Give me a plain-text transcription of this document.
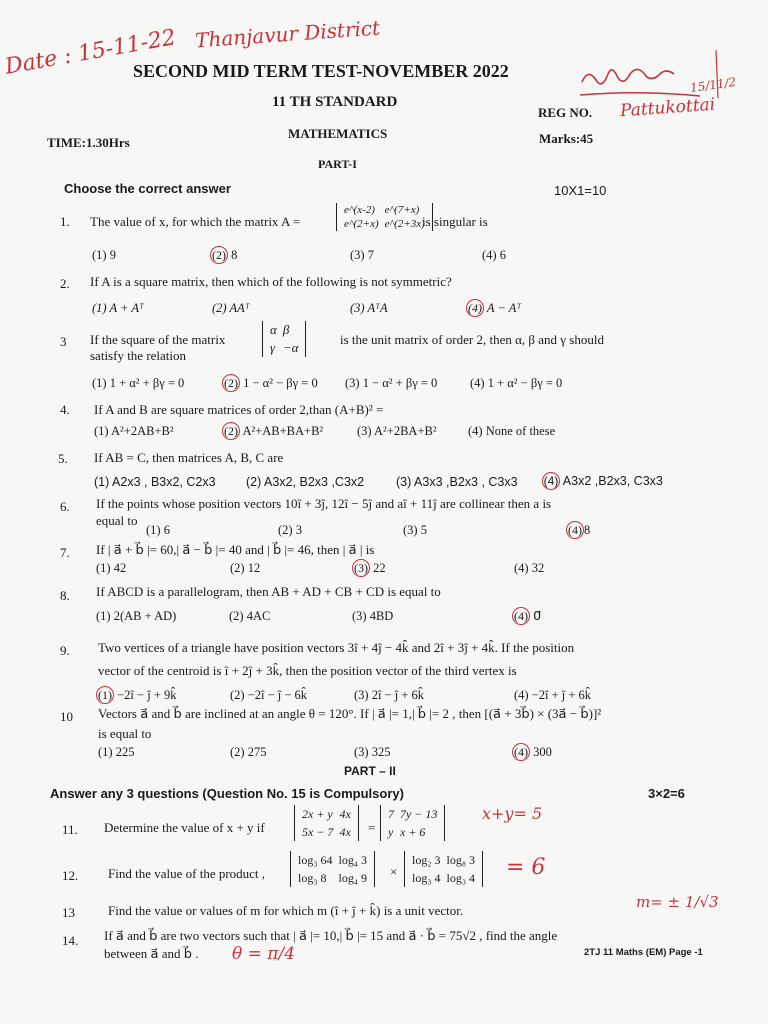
Date : 15-11-22 Thanjavur District
15/11/2
SECOND MID TERM TEST-NOVEMBER 2022
11 TH STANDARD
REG NO. Pattukottai
TIME:1.30Hrs
MATHEMATICS	Marks:45
PART-I
Choose the correct answer	10X1=10
1. The value of x, for which the matrix A =
e^(x-2)	e^(7+x)
e^(2+x)	e^(2+3x)
is singular is
(1) 9	(2) 8	(3) 7	(4) 6
2. If A is a square matrix, then which of the following is not symmetric?
(1) A + Aᵀ	(2) AAᵀ	(3) AᵀA	(4) A − Aᵀ
3 If the square of the matrix
α	β
γ	−α
is the unit matrix of order 2, then α, β and γ should
satisfy the relation
(1) 1 + α² + βγ = 0	(2) 1 − α² − βγ = 0 (3) 1 − α² + βγ = 0	(4) 1 + α² − βγ = 0
4. If A and B are square matrices of order 2,than (A+B)² =
(1) A²+2AB+B²	(2) A²+AB+BA+B²	(3) A²+2BA+B²	(4) None of these
5. If AB = C, then matrices A, B, C are
(1) A2x3 , B3x2, C2x3 (2) A3x2, B2x3 ,C3x2	(3) A3x3 ,B2x3 , C3x3 (4) A3x2 ,B2x3, C3x3
6. If the points whose position vectors 10î + 3ĵ, 12î − 5ĵ and aî + 11ĵ are collinear then a is
equal to
(1) 6	(2) 3	(3) 5	(4) 8
7. If | a⃗ + b⃗ |= 60,| a⃗ − b⃗ |= 40 and | b⃗ |= 46, then | a⃗ | is
(1) 42	(2) 12	(3) 22	(4) 32
8. If ABCD is a parallelogram, then AB + AD + CB + CD is equal to
(1) 2(AB + AD)	(2) 4AC	(3) 4BD	(4) 0⃗
9. Two vertices of a triangle have position vectors 3î + 4ĵ − 4k̂ and 2î + 3ĵ + 4k̂. If the position
vector of the centroid is î + 2ĵ + 3k̂, then the position vector of the third vertex is
(1) −2î − ĵ + 9k̂	(2) −2î − ĵ − 6k̂	(3) 2î − ĵ + 6k̂	(4) −2î + ĵ + 6k̂
10 Vectors a⃗ and b⃗ are inclined at an angle θ = 120°. If | a⃗ |= 1,| b⃗ |= 2 , then [(a⃗ + 3b⃗) × (3a⃗ − b⃗)]²
is equal to
(1) 225	(2) 275	(3) 325	(4) 300
PART – II
Answer any 3 questions (Question No. 15 is Compulsory)	3×2=6
11. Determine the value of x + y if
2x + y	4x
5x − 7	4x =
7	7y − 13
y	x + 6
x+y= 5
12. Find the value of the product ,
log₃ 64	log₄ 3
log₃ 8	log₄ 9 ×
log₂ 3	log₈ 3
log₃ 4	log₃ 4 = 6
13	Find the value or values of m for which m (î + ĵ + k̂) is a unit vector.	m= ± 1/√3
14. If a⃗ and b⃗ are two vectors such that | a⃗ |= 10,| b⃗ |= 15 and a⃗ · b⃗ = 75√2 , find the angle
between a⃗ and b⃗ . θ = π/4	2TJ 11 Maths (EM) Page -1
